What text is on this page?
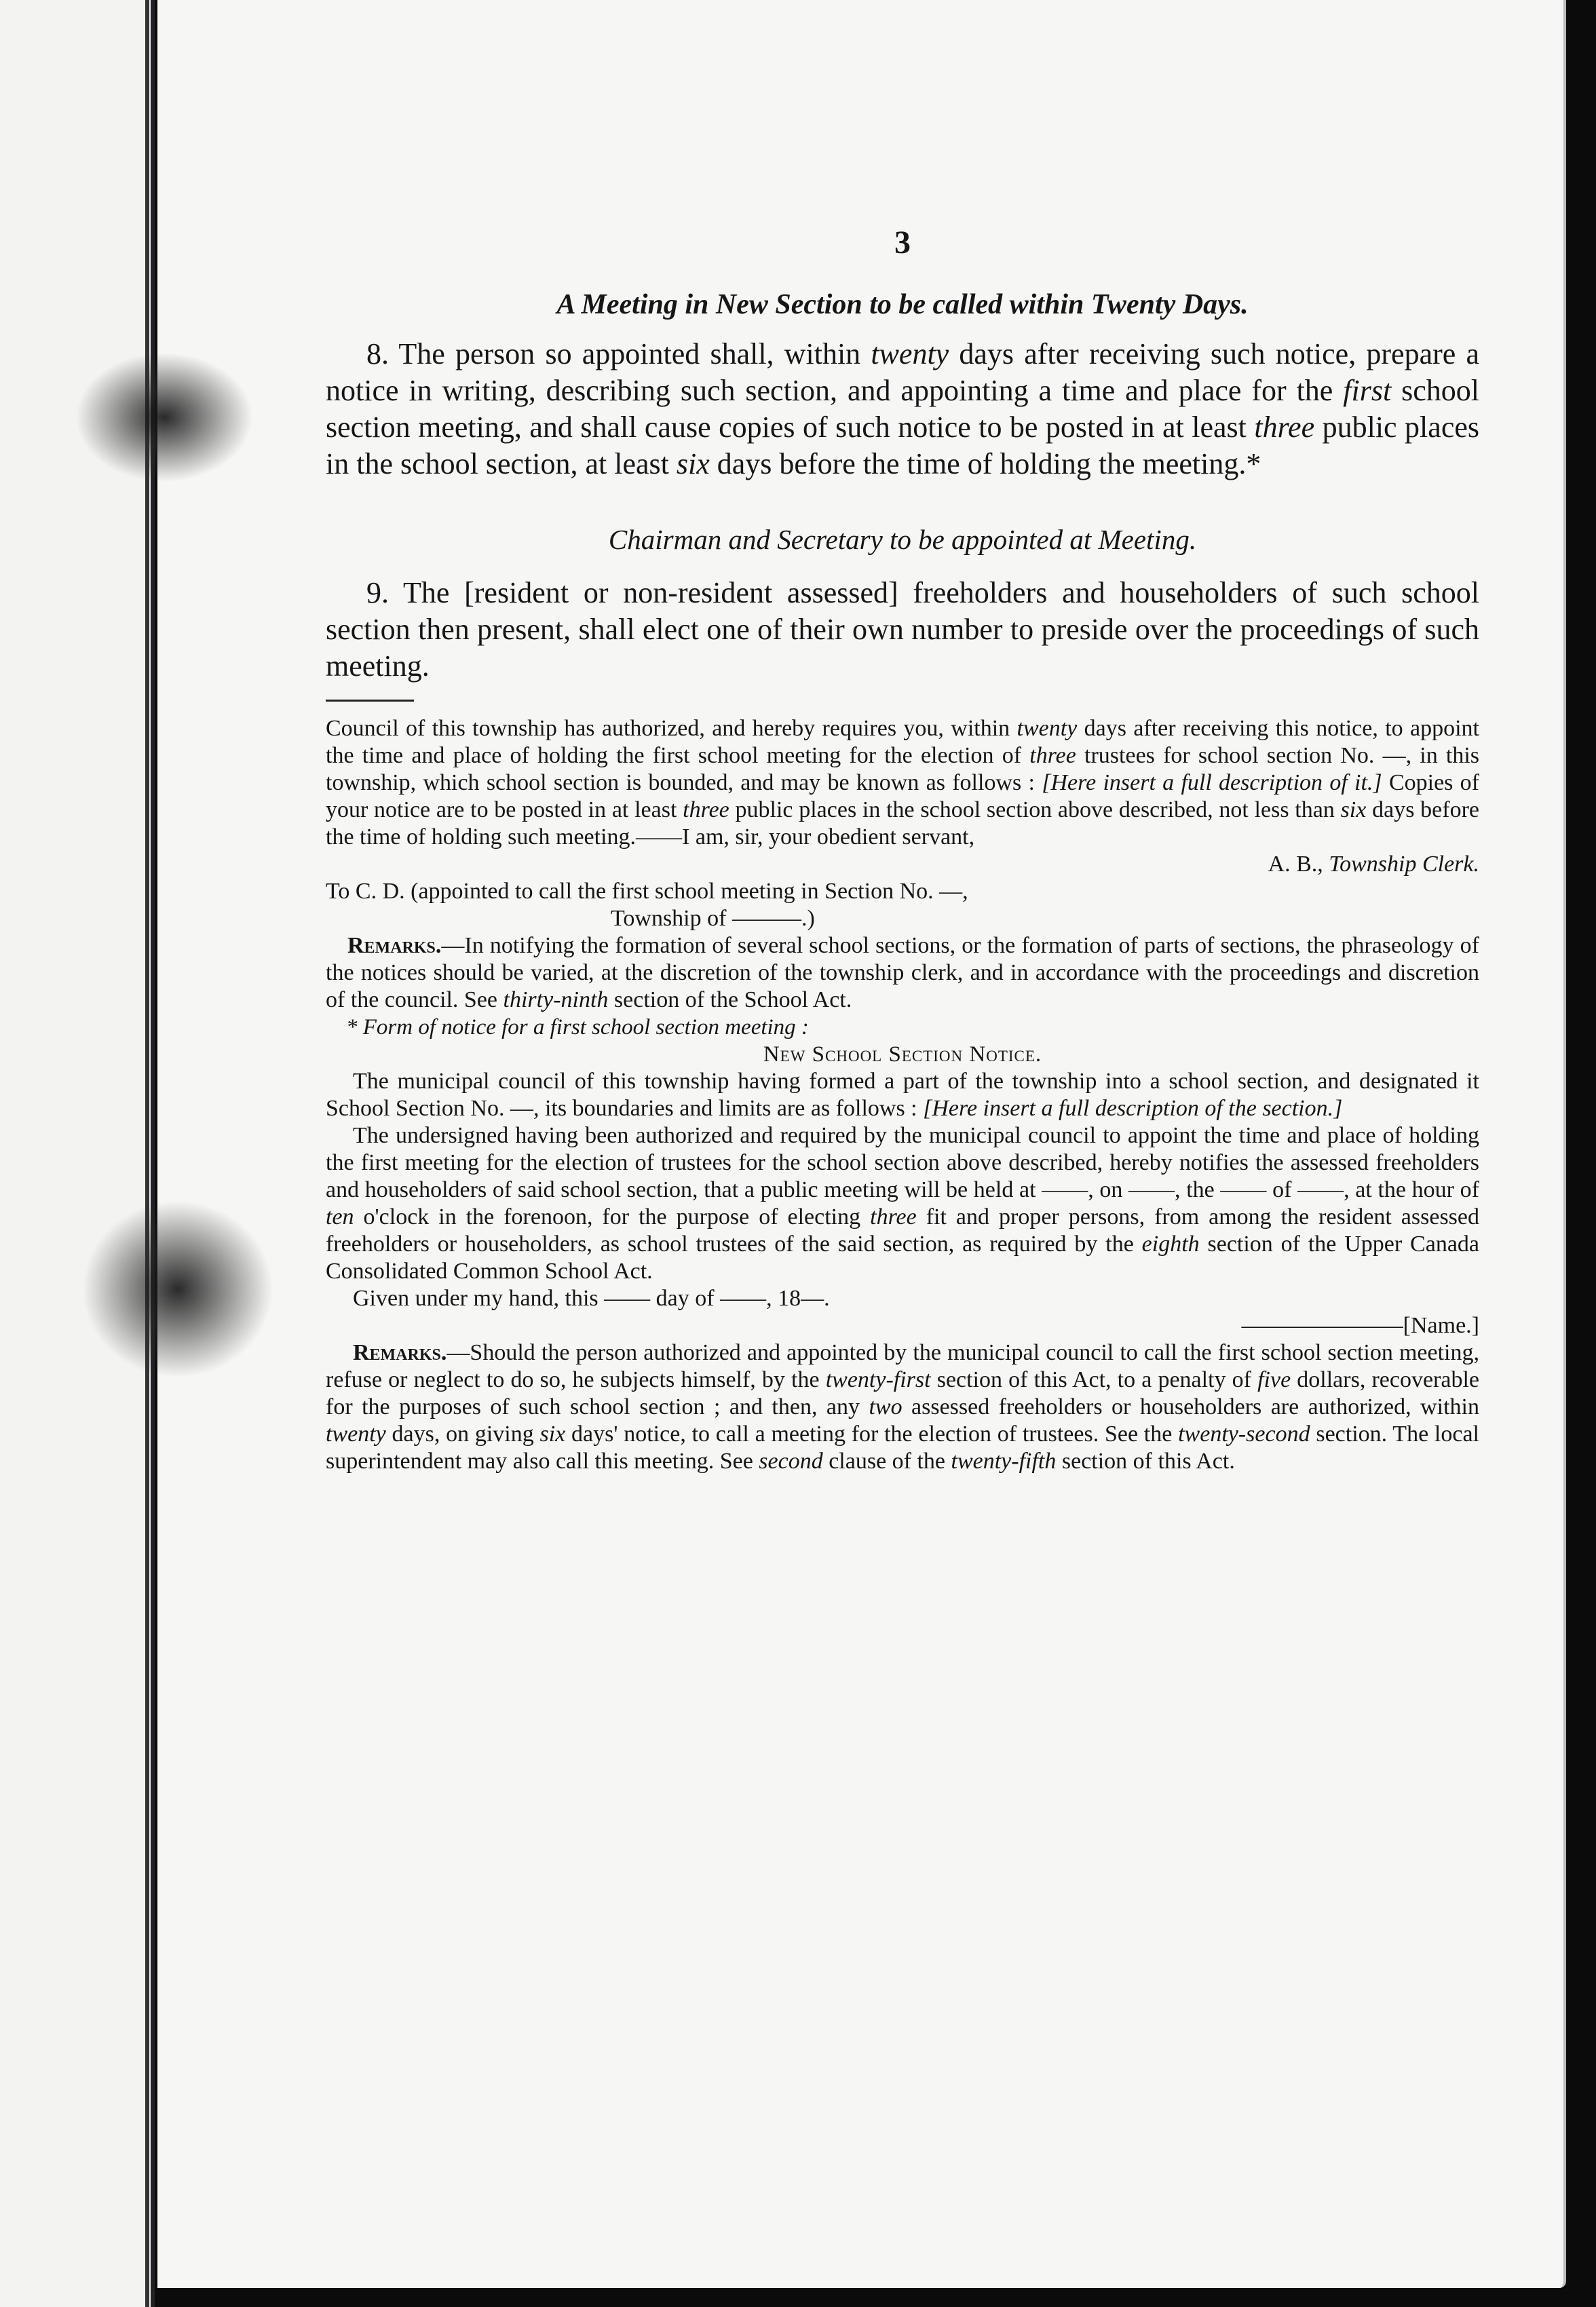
3
A Meeting in New Section to be called within Twenty Days.

8. The person so appointed shall, within twenty days after receiving such notice, prepare a notice in writing, describing such section, and appointing a time and place for the first school section meeting, and shall cause copies of such notice to be posted in at least three public places in the school section, at least six days before the time of holding the meeting.*

Chairman and Secretary to be appointed at Meeting.

9. The [resident or non-resident assessed] freeholders and householders of such school section then present, shall elect one of their own number to preside over the proceedings of such meeting.

Council of this township has authorized, and hereby requires you, within twenty days after receiving this notice, to appoint the time and place of holding the first school meeting for the election of three trustees for school section No. —, in this township, which school section is bounded, and may be known as follows : [Here insert a full description of it.] Copies of your notice are to be posted in at least three public places in the school section above described, not less than six days before the time of holding such meeting.——I am, sir, your obedient servant,

A. B., Township Clerk.

To C. D. (appointed to call the first school meeting in Section No. —,

Township of ———.)

Remarks.—In notifying the formation of several school sections, or the formation of parts of sections, the phraseology of the notices should be varied, at the discretion of the township clerk, and in accordance with the proceedings and discretion of the council. See thirty-ninth section of the School Act.

* Form of notice for a first school section meeting :

New School Section Notice.

The municipal council of this township having formed a part of the township into a school section, and designated it School Section No. —, its boundaries and limits are as follows : [Here insert a full description of the section.]

The undersigned having been authorized and required by the municipal council to appoint the time and place of holding the first meeting for the election of trustees for the school section above described, hereby notifies the assessed freeholders and householders of said school section, that a public meeting will be held at ——, on ——, the —— of ——, at the hour of ten o'clock in the forenoon, for the purpose of electing three fit and proper persons, from among the resident assessed freeholders or householders, as school trustees of the said section, as required by the eighth section of the Upper Canada Consolidated Common School Act.

Given under my hand, this —— day of ——, 18—.

———————[Name.]

Remarks.—Should the person authorized and appointed by the municipal council to call the first school section meeting, refuse or neglect to do so, he subjects himself, by the twenty-first section of this Act, to a penalty of five dollars, recoverable for the purposes of such school section ; and then, any two assessed freeholders or householders are authorized, within twenty days, on giving six days' notice, to call a meeting for the election of trustees. See the twenty-second section. The local superintendent may also call this meeting. See second clause of the twenty-fifth section of this Act.
